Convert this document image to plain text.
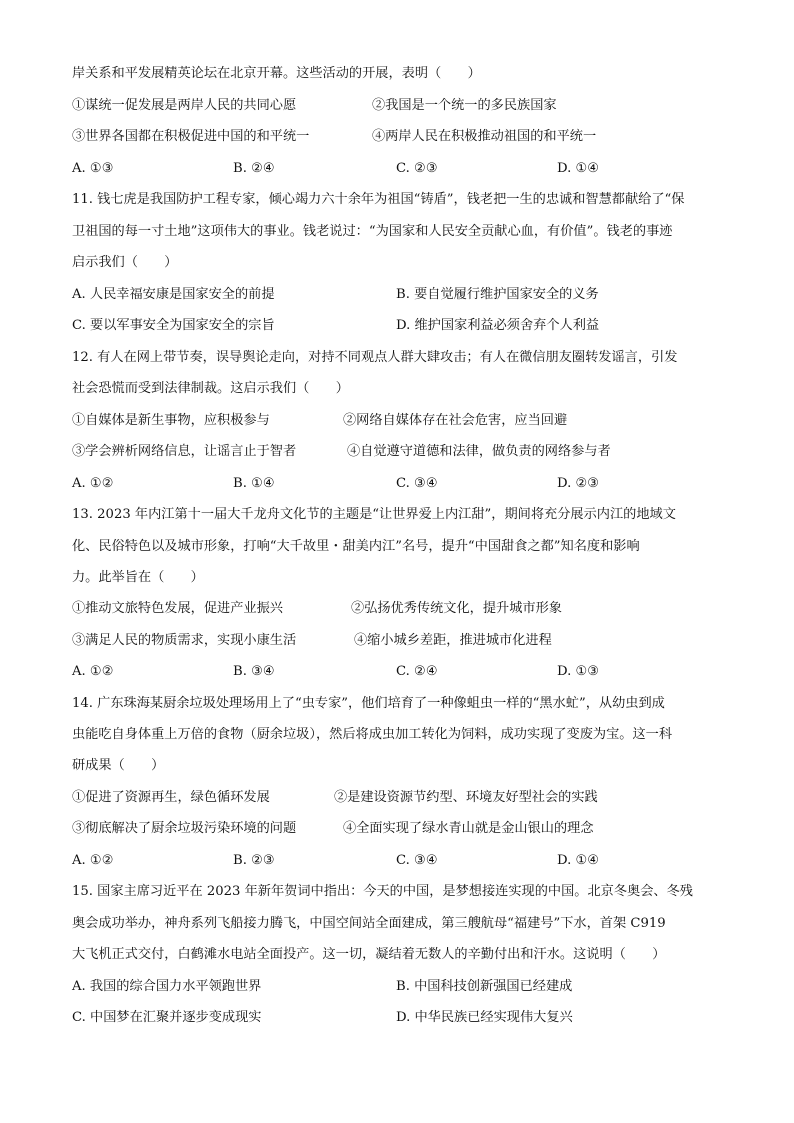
岸关系和平发展精英论坛在北京开幕。这些活动的开展，表明（　　）
①谋统一促发展是两岸人民的共同心愿	②我国是一个统一的多民族国家
③世界各国都在积极促进中国的和平统一	④两岸人民在积极推动祖国的和平统一
A. ①③	B. ②④	C. ②③	D. ①④
11. 钱七虎是我国防护工程专家，倾心竭力六十余年为祖国“铸盾”，钱老把一生的忠诚和智慧都献给了“保
卫祖国的每一寸土地”这项伟大的事业。钱老说过：“为国家和人民安全贡献心血，有价值”。钱老的事迹
启示我们（　　）
A. 人民幸福安康是国家安全的前提	B. 要自觉履行维护国家安全的义务
C. 要以军事安全为国家安全的宗旨	D. 维护国家利益必须舍弃个人利益
12. 有人在网上带节奏，误导舆论走向，对持不同观点人群大肆攻击；有人在微信朋友圈转发谣言，引发
社会恐慌而受到法律制裁。这启示我们（　　）
①自媒体是新生事物，应积极参与	②网络自媒体存在社会危害，应当回避
③学会辨析网络信息，让谣言止于智者	④自觉遵守道德和法律，做负责的网络参与者
A. ①②	B. ①④	C. ③④	D. ②③
13. 2023 年内江第十一届大千龙舟文化节的主题是“让世界爱上内江甜”，期间将充分展示内江的地域文
化、民俗特色以及城市形象，打响“大千故里・甜美内江”名号，提升“中国甜食之都”知名度和影响
力。此举旨在（　　）
①推动文旅特色发展，促进产业振兴	②弘扬优秀传统文化，提升城市形象
③满足人民的物质需求，实现小康生活	④缩小城乡差距，推进城市化进程
A. ①②	B. ③④	C. ②④	D. ①③
14. 广东珠海某厨余垃圾处理场用上了“虫专家”，他们培育了一种像蛆虫一样的“黑水虻”，从幼虫到成
虫能吃自身体重上万倍的食物（厨余垃圾），然后将成虫加工转化为饲料，成功实现了变废为宝。这一科
研成果（　　）
①促进了资源再生，绿色循环发展	②是建设资源节约型、环境友好型社会的实践
③彻底解决了厨余垃圾污染环境的问题	④全面实现了绿水青山就是金山银山的理念
A. ①②	B. ②③	C. ③④	D. ①④
15. 国家主席习近平在 2023 年新年贺词中指出：今天的中国，是梦想接连实现的中国。北京冬奥会、冬残
奥会成功举办，神舟系列飞船接力腾飞，中国空间站全面建成，第三艘航母“福建号”下水，首架 C919
大飞机正式交付，白鹤滩水电站全面投产。这一切，凝结着无数人的辛勤付出和汗水。这说明（　　）
A. 我国的综合国力水平领跑世界	B. 中国科技创新强国已经建成
C. 中国梦在汇聚并逐步变成现实	D. 中华民族已经实现伟大复兴
